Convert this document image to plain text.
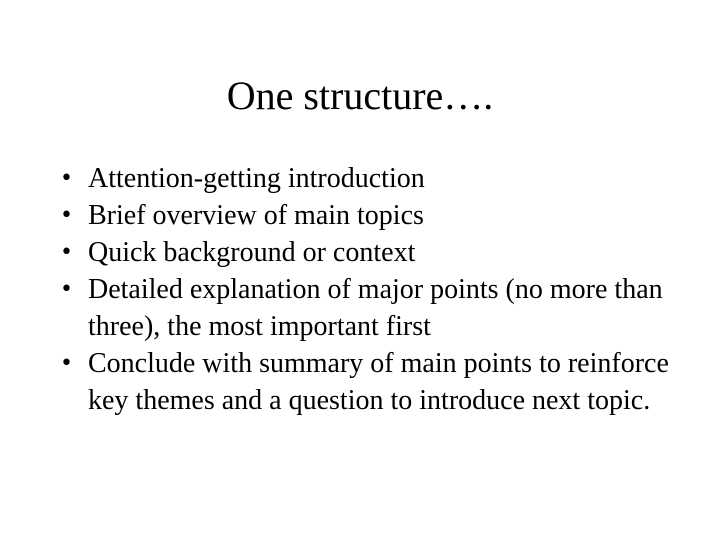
One structure….
• Attention-getting introduction
• Brief overview of main topics
• Quick background or context
• Detailed explanation of major points (no more than three), the most important first
• Conclude with summary of main points to reinforce key themes and a question to introduce next topic.
